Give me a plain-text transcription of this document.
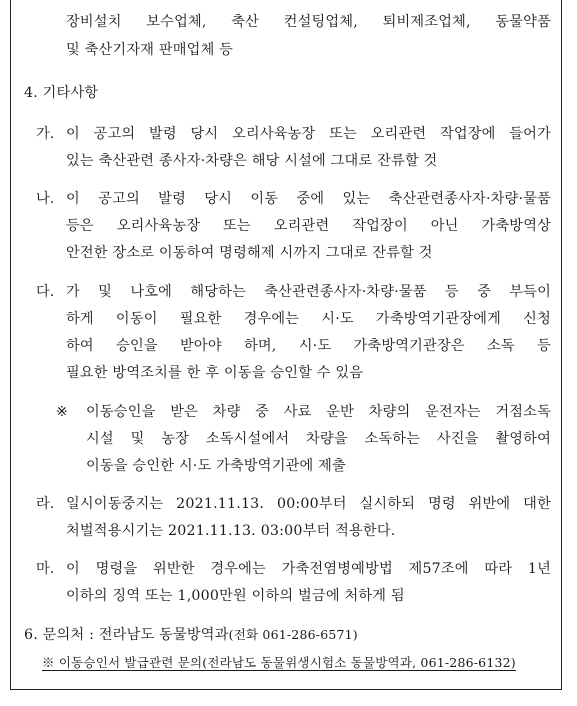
장비설치 보수업체, 축산 컨설팅업체, 퇴비제조업체, 동물약품
및 축산기자재 판매업체 등
4. 기타사항
가. 이 공고의 발령 당시 오리사육농장 또는 오리관련 작업장에 들어가
있는 축산관련 종사자·차량은 해당 시설에 그대로 잔류할 것
나. 이 공고의 발령 당시 이동 중에 있는 축산관련종사자·차량·물품
등은 오리사육농장 또는 오리관련 작업장이 아닌 가축방역상
안전한 장소로 이동하여 명령해제 시까지 그대로 잔류할 것
다. 가 및 나호에 해당하는 축산관련종사자·차량·물품 등 중 부득이
하게 이동이 필요한 경우에는 시·도 가축방역기관장에게 신청
하여 승인을 받아야 하며, 시·도 가축방역기관장은 소독 등
필요한 방역조치를 한 후 이동을 승인할 수 있음
※ 이동승인을 받은 차량 중 사료 운반 차량의 운전자는 거점소독
시설 및 농장 소독시설에서 차량을 소독하는 사진을 촬영하여
이동을 승인한 시·도 가축방역기관에 제출
라. 일시이동중지는 2021.11.13. 00:00부터 실시하되 명령 위반에 대한
처벌적용시기는 2021.11.13. 03:00부터 적용한다.
마. 이 명령을 위반한 경우에는 가축전염병예방법 제57조에 따라 1년
이하의 징역 또는 1,000만원 이하의 벌금에 처하게 됨
6. 문의처 : 전라남도 동물방역과(전화 061-286-6571)
※ 이동승인서 발급관련 문의(전라남도 동물위생시험소 동물방역과, 061-286-6132)
